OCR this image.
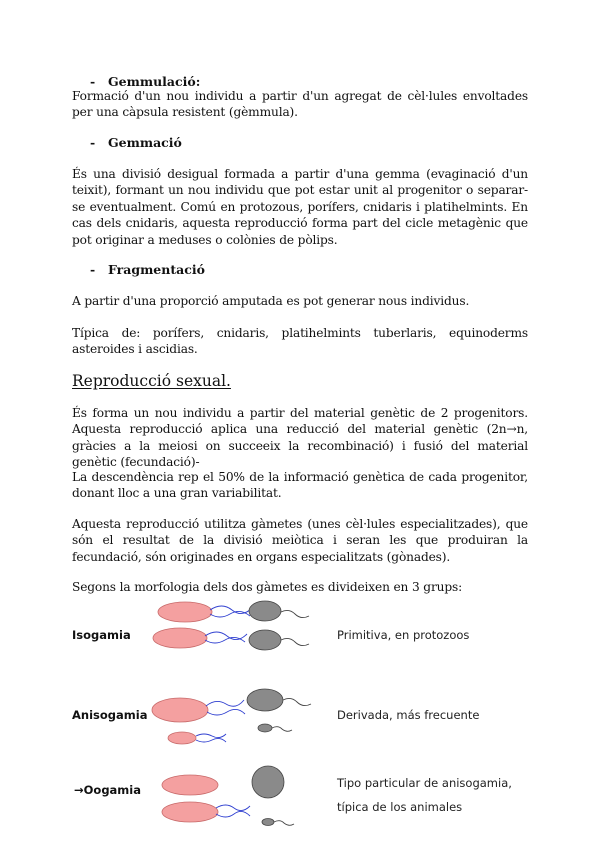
- Gemmulació:
Formació d'un nou individu a partir d'un agregat de cèl·lules envoltades per una càpsula resistent (gèmmula).
- Gemmació
És una divisió desigual formada a partir d'una gemma (evaginació d'un teixit), formant un nou individu que pot estar unit al progenitor o separar-se eventualment. Comú en protozous, porífers, cnidaris i platihelmints. En cas dels cnidaris, aquesta reproducció forma part del cicle metagènic que pot originar a meduses o colònies de pòlips.
- Fragmentació
A partir d'una proporció amputada es pot generar nous individus.
Típica de: porífers, cnidaris, platihelmints tuberlaris, equinoderms asteroides i ascidias.
Reproducció sexual.
És forma un nou individu a partir del material genètic de 2 progenitors. Aquesta reproducció aplica una reducció del material genètic (2n→n, gràcies a la meiosi on succeeix la recombinació) i fusió del material genètic (fecundació)-
La descendència rep el 50% de la informació genètica de cada progenitor, donant lloc a una gran variabilitat.
Aquesta reproducció utilitza gàmetes (unes cèl·lules especialitzades), que són el resultat de la divisió meiòtica i seran les que produiran la fecundació, són originades en organs especialitzats (gònades).
Segons la morfologia dels dos gàmetes es divideixen en 3 grups:
Isogamia	Primitiva, en protozoos
Anisogamia	Derivada, más frecuente
→Oogamia	Tipo particular de anisogamia,
típica de los animales
